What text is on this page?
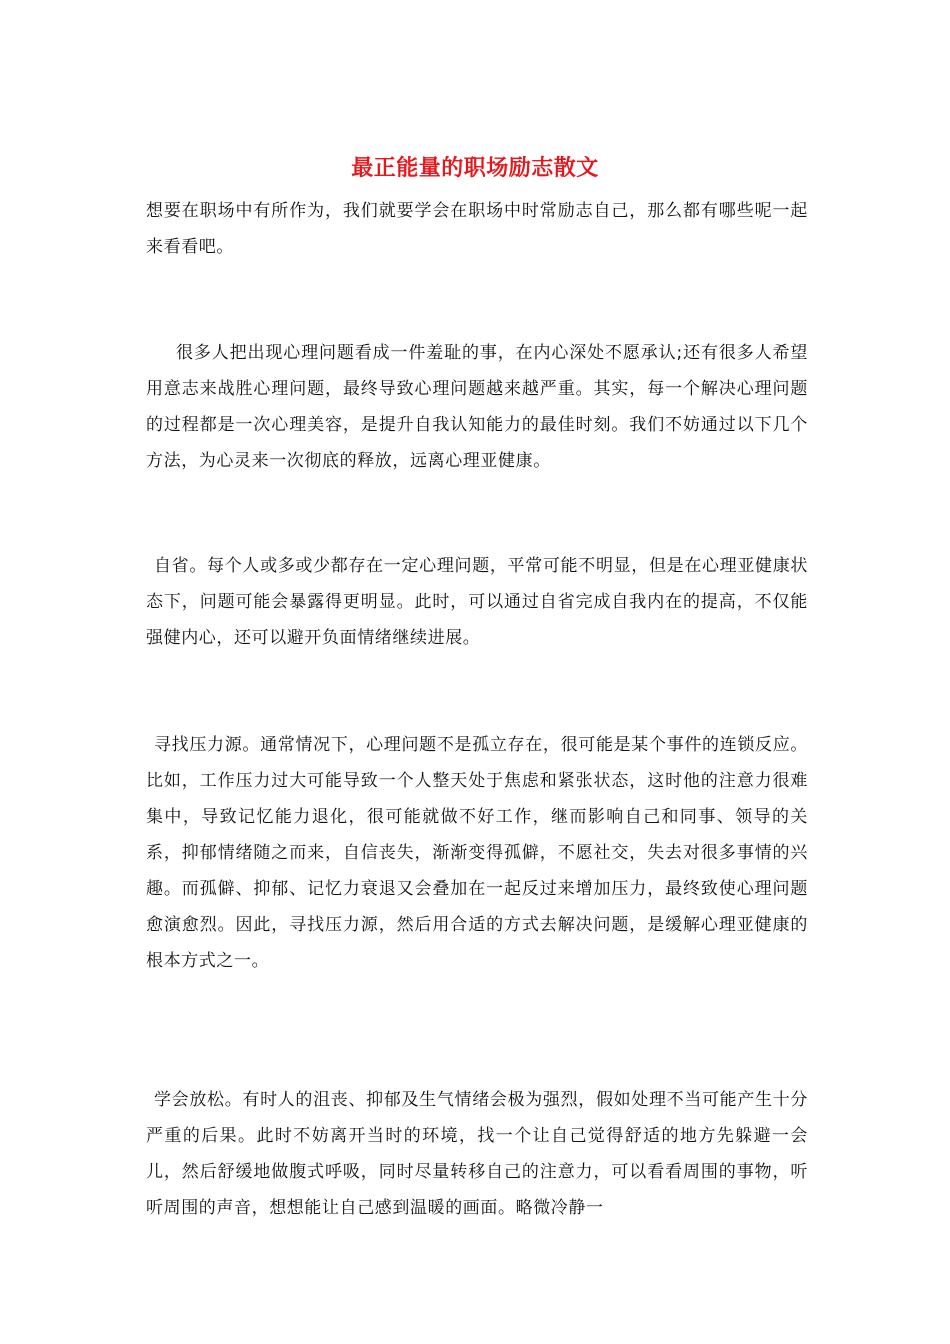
最正能量的职场励志散文

想要在职场中有所作为，我们就要学会在职场中时常励志自己，那么都有哪些呢一起来看看吧。

很多人把出现心理问题看成一件羞耻的事，在内心深处不愿承认;还有很多人希望用意志来战胜心理问题，最终导致心理问题越来越严重。其实，每一个解决心理问题的过程都是一次心理美容，是提升自我认知能力的最佳时刻。我们不妨通过以下几个方法，为心灵来一次彻底的释放，远离心理亚健康。

自省。每个人或多或少都存在一定心理问题，平常可能不明显，但是在心理亚健康状态下，问题可能会暴露得更明显。此时，可以通过自省完成自我内在的提高，不仅能强健内心，还可以避开负面情绪继续进展。

寻找压力源。通常情况下，心理问题不是孤立存在，很可能是某个事件的连锁反应。比如，工作压力过大可能导致一个人整天处于焦虑和紧张状态，这时他的注意力很难集中，导致记忆能力退化，很可能就做不好工作，继而影响自己和同事、领导的关系，抑郁情绪随之而来，自信丧失，渐渐变得孤僻，不愿社交，失去对很多事情的兴趣。而孤僻、抑郁、记忆力衰退又会叠加在一起反过来增加压力，最终致使心理问题愈演愈烈。因此，寻找压力源，然后用合适的方式去解决问题，是缓解心理亚健康的根本方式之一。

学会放松。有时人的沮丧、抑郁及生气情绪会极为强烈，假如处理不当可能产生十分严重的后果。此时不妨离开当时的环境，找一个让自己觉得舒适的地方先躲避一会儿，然后舒缓地做腹式呼吸，同时尽量转移自己的注意力，可以看看周围的事物，听听周围的声音，想想能让自己感到温暖的画面。略微冷静一
